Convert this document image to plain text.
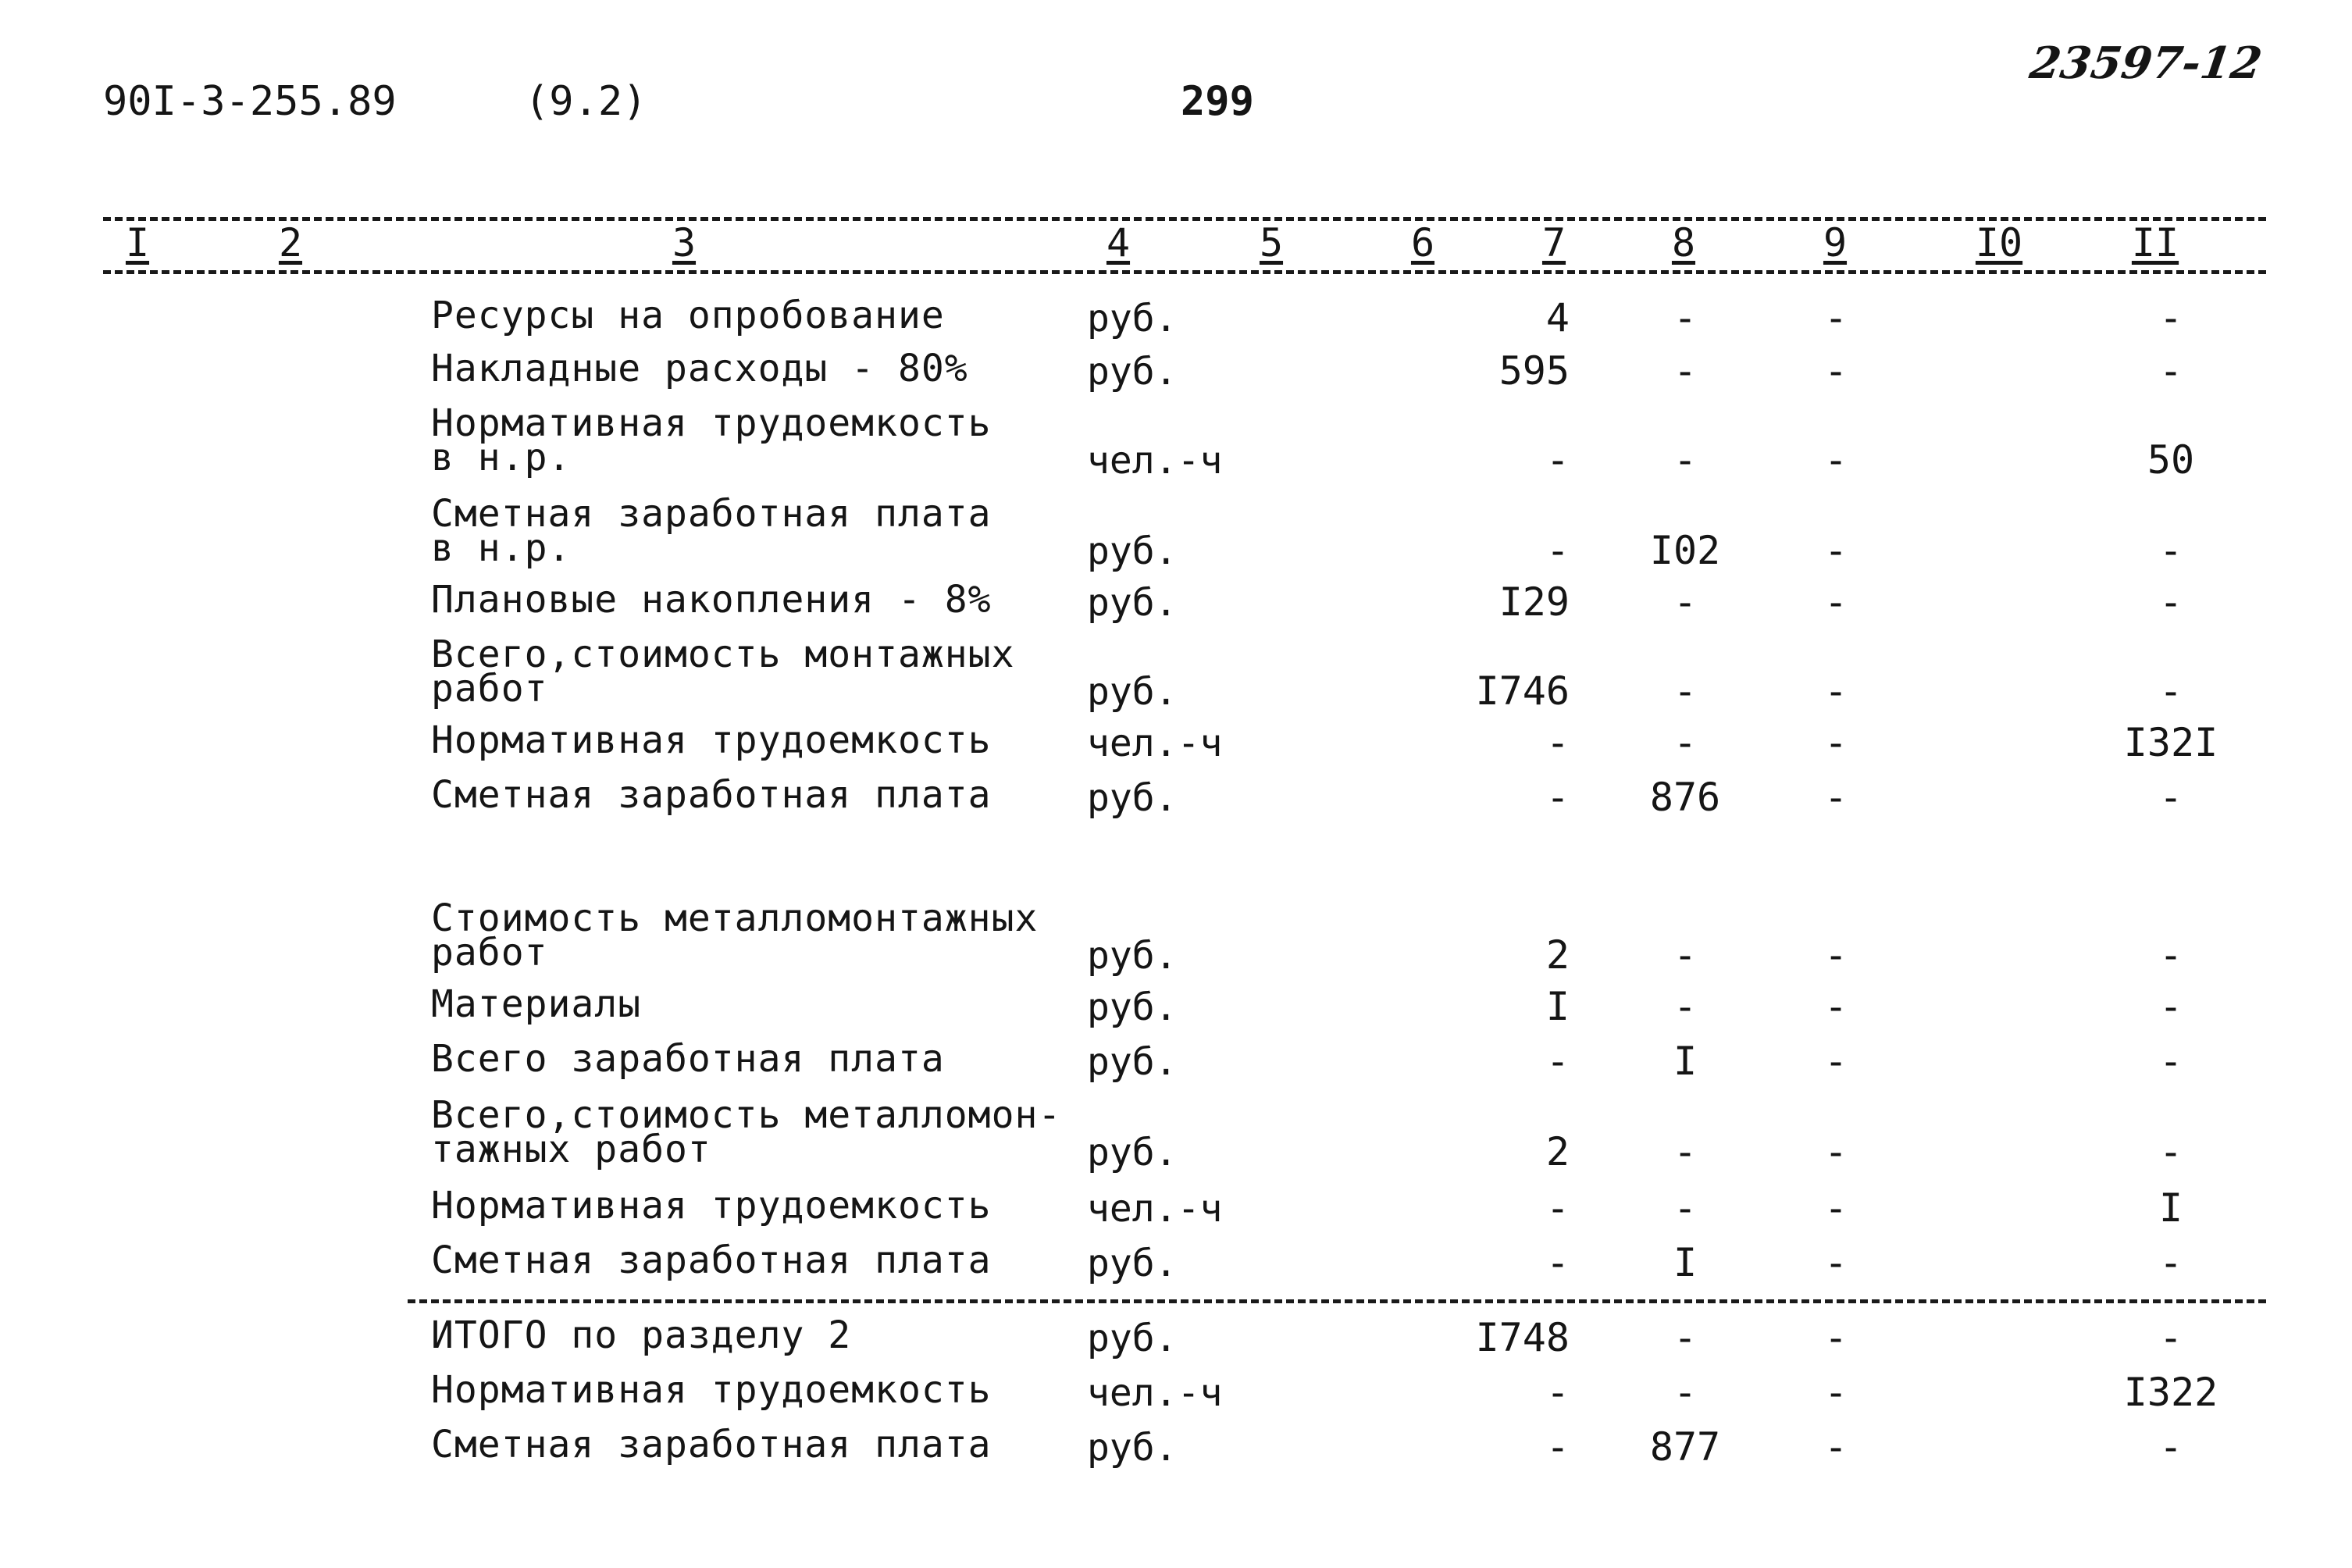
90I-3-255.89	(9.2)	299
23597-12
I	2	3	4	5	6	7	8	9	I0	II
Ресурсы на опробование	руб.	4	-	-	-
Накладные расходы - 80%	руб.	595	-	-	-
Нормативная трудоемкость
в н.р.	чел.-ч	-	-	-	50
Сметная заработная плата
в н.р.	руб.	-	I02	-	-
Плановые накопления - 8%	руб.	I29	-	-	-
Всего,стоимость монтажных
работ	руб.	I746	-	-	-
Нормативная трудоемкость	чел.-ч	-	-	-	I32I
Сметная заработная плата	руб.	-	876	-	-
Стоимость металломонтажных
работ	руб.	2	-	-	-
Материалы	руб.	I	-	-	-
Всего заработная плата	руб.	-	I	-	-
Всего,стоимость металломон-
тажных работ	руб.	2	-	-	-
Нормативная трудоемкость	чел.-ч	-	-	-	I
Сметная заработная плата	руб.	-	I	-	-
ИТОГО по разделу 2	руб.	I748	-	-	-
Нормативная трудоемкость	чел.-ч	-	-	-	I322
Сметная заработная плата	руб.	-	877	-	-
